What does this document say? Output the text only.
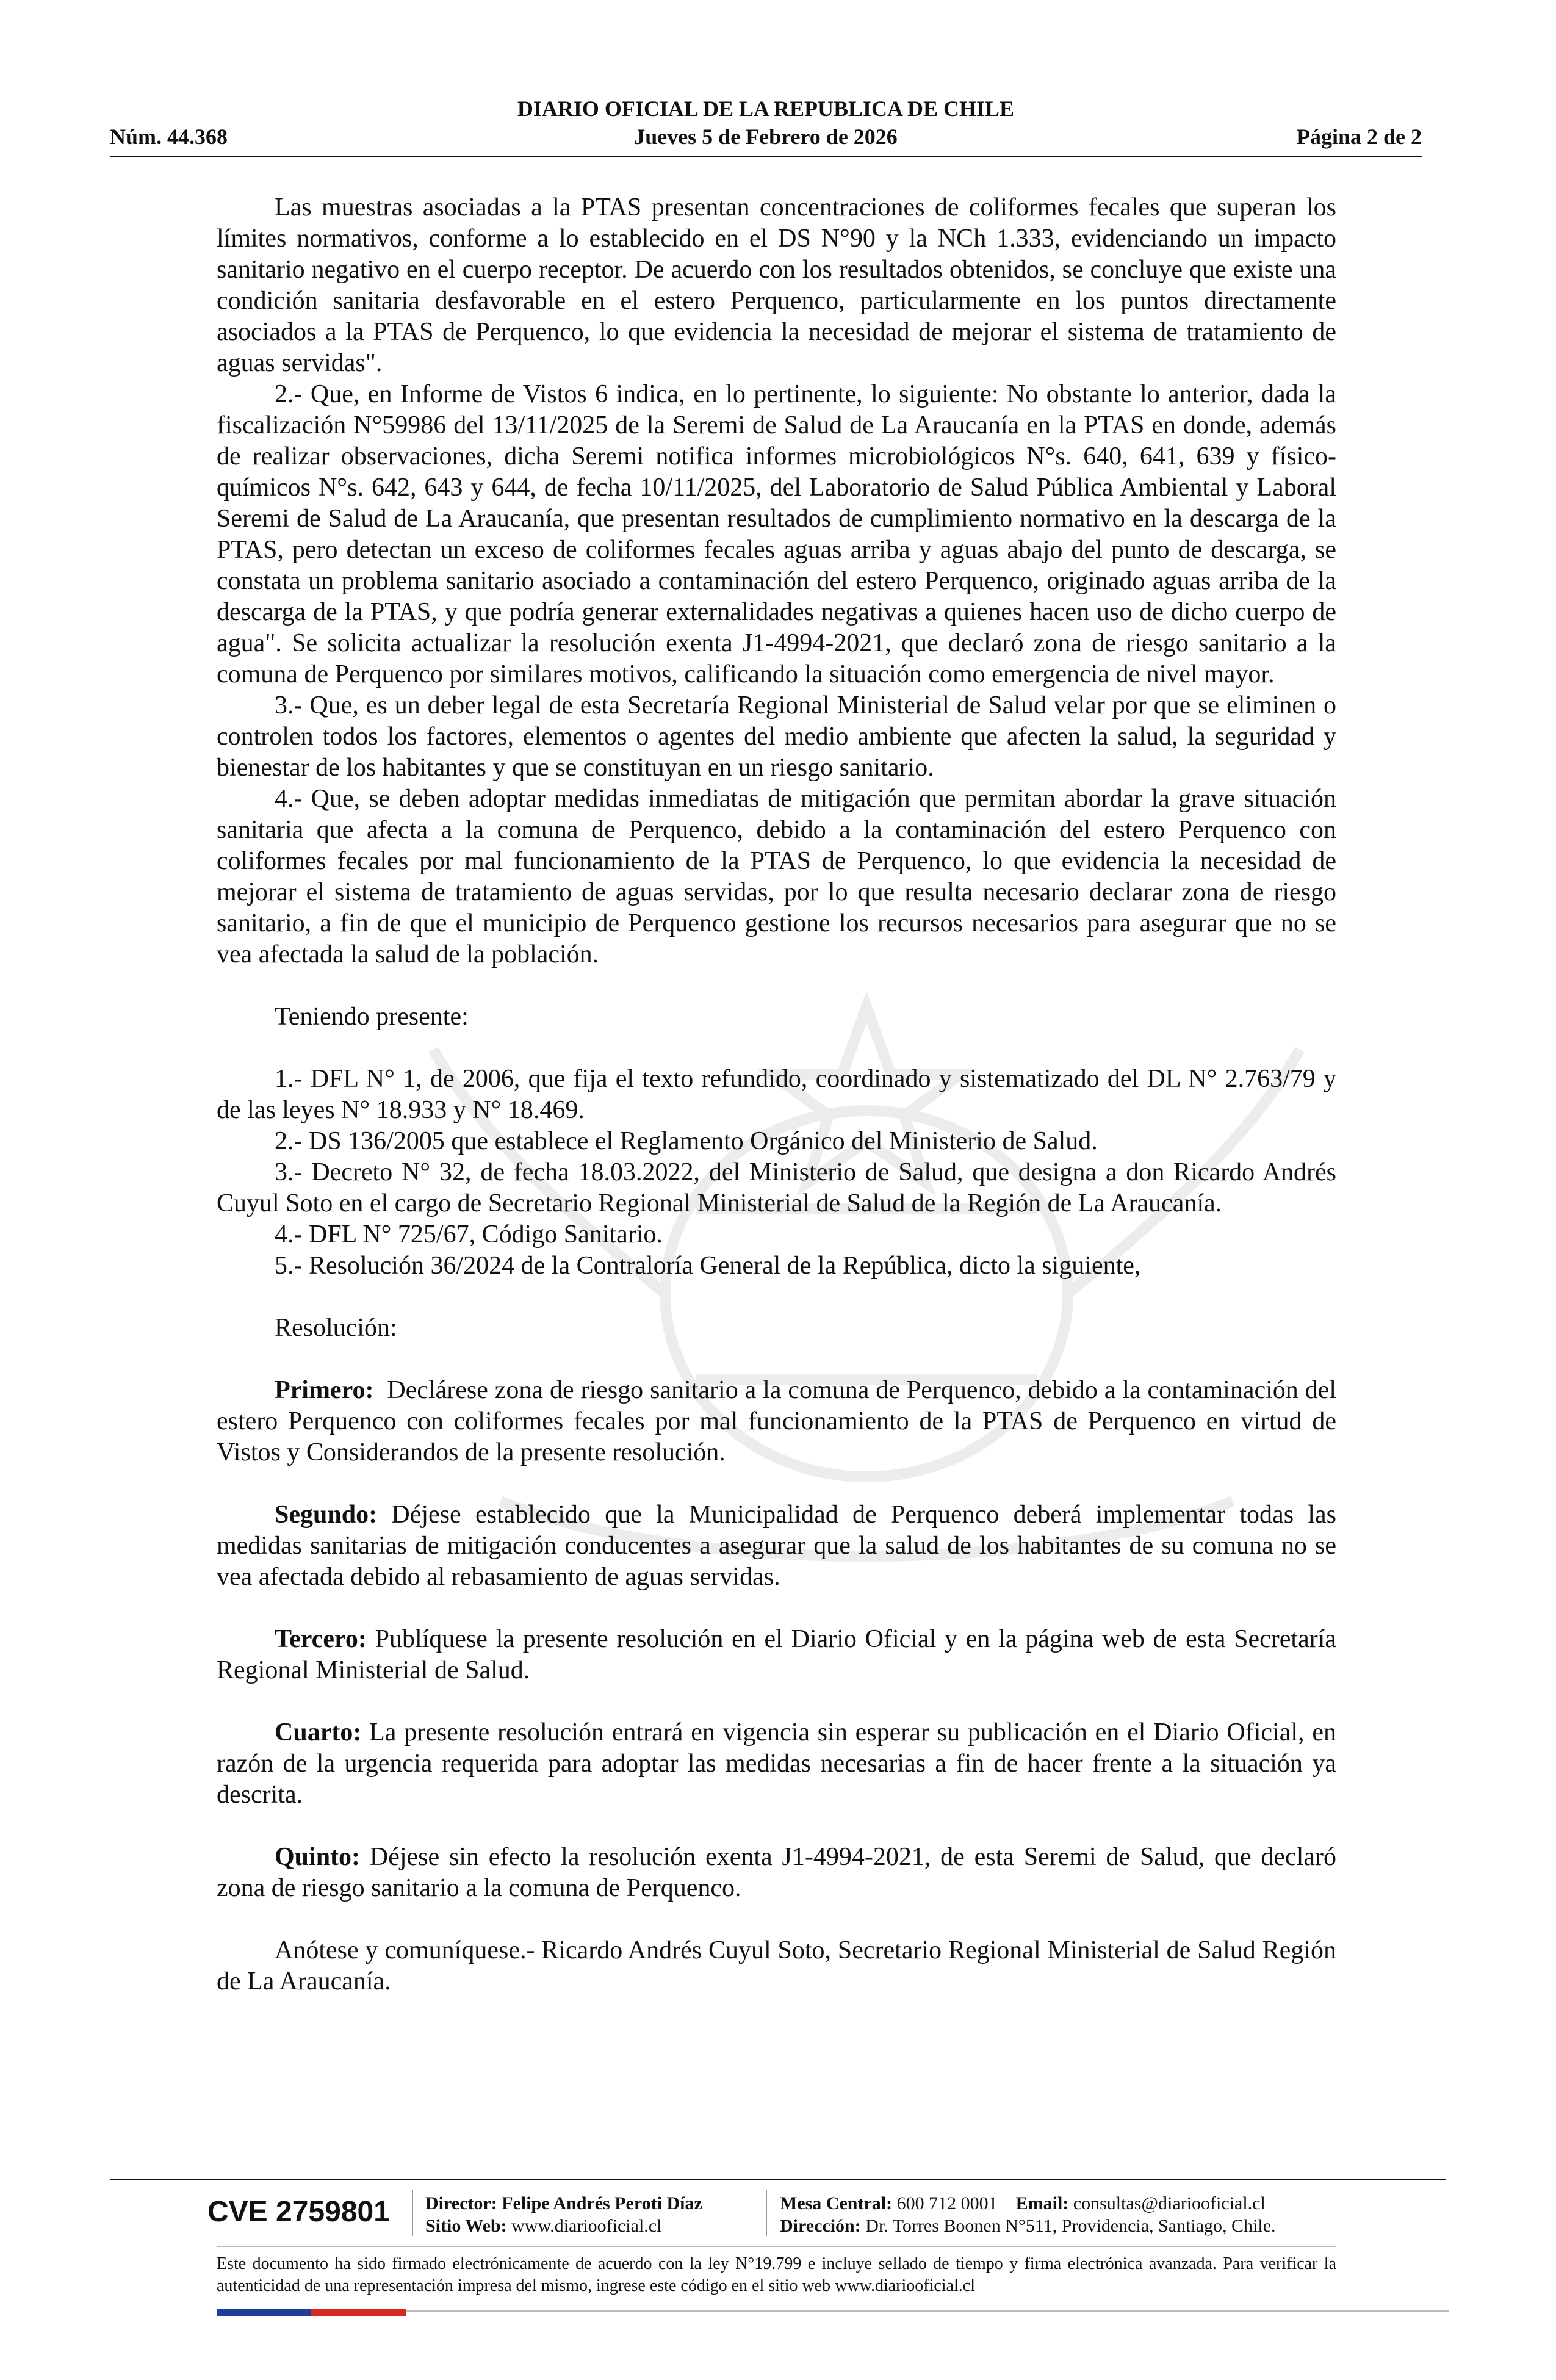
DIARIO OFICIAL DE LA REPUBLICA DE CHILE
Núm. 44.368	Jueves 5 de Febrero de 2026	Página 2 de 2

Las muestras asociadas a la PTAS presentan concentraciones de coliformes fecales que superan los límites normativos, conforme a lo establecido en el DS N°90 y la NCh 1.333, evidenciando un impacto sanitario negativo en el cuerpo receptor. De acuerdo con los resultados obtenidos, se concluye que existe una condición sanitaria desfavorable en el estero Perquenco, particularmente en los puntos directamente asociados a la PTAS de Perquenco, lo que evidencia la necesidad de mejorar el sistema de tratamiento de aguas servidas".

2.- Que, en Informe de Vistos 6 indica, en lo pertinente, lo siguiente: No obstante lo anterior, dada la fiscalización N°59986 del 13/11/2025 de la Seremi de Salud de La Araucanía en la PTAS en donde, además de realizar observaciones, dicha Seremi notifica informes microbiológicos N°s. 640, 641, 639 y físico-químicos N°s. 642, 643 y 644, de fecha 10/11/2025, del Laboratorio de Salud Pública Ambiental y Laboral Seremi de Salud de La Araucanía, que presentan resultados de cumplimiento normativo en la descarga de la PTAS, pero detectan un exceso de coliformes fecales aguas arriba y aguas abajo del punto de descarga, se constata un problema sanitario asociado a contaminación del estero Perquenco, originado aguas arriba de la descarga de la PTAS, y que podría generar externalidades negativas a quienes hacen uso de dicho cuerpo de agua". Se solicita actualizar la resolución exenta J1-4994-2021, que declaró zona de riesgo sanitario a la comuna de Perquenco por similares motivos, calificando la situación como emergencia de nivel mayor.

3.- Que, es un deber legal de esta Secretaría Regional Ministerial de Salud velar por que se eliminen o controlen todos los factores, elementos o agentes del medio ambiente que afecten la salud, la seguridad y bienestar de los habitantes y que se constituyan en un riesgo sanitario.

4.- Que, se deben adoptar medidas inmediatas de mitigación que permitan abordar la grave situación sanitaria que afecta a la comuna de Perquenco, debido a la contaminación del estero Perquenco con coliformes fecales por mal funcionamiento de la PTAS de Perquenco, lo que evidencia la necesidad de mejorar el sistema de tratamiento de aguas servidas, por lo que resulta necesario declarar zona de riesgo sanitario, a fin de que el municipio de Perquenco gestione los recursos necesarios para asegurar que no se vea afectada la salud de la población.

Teniendo presente:

1.- DFL N° 1, de 2006, que fija el texto refundido, coordinado y sistematizado del DL N° 2.763/79 y de las leyes N° 18.933 y N° 18.469.

2.- DS 136/2005 que establece el Reglamento Orgánico del Ministerio de Salud.

3.- Decreto N° 32, de fecha 18.03.2022, del Ministerio de Salud, que designa a don Ricardo Andrés Cuyul Soto en el cargo de Secretario Regional Ministerial de Salud de la Región de La Araucanía.

4.- DFL N° 725/67, Código Sanitario.

5.- Resolución 36/2024 de la Contraloría General de la República, dicto la siguiente,

Resolución:

Primero: Declárese zona de riesgo sanitario a la comuna de Perquenco, debido a la contaminación del estero Perquenco con coliformes fecales por mal funcionamiento de la PTAS de Perquenco en virtud de Vistos y Considerandos de la presente resolución.

Segundo: Déjese establecido que la Municipalidad de Perquenco deberá implementar todas las medidas sanitarias de mitigación conducentes a asegurar que la salud de los habitantes de su comuna no se vea afectada debido al rebasamiento de aguas servidas.

Tercero: Publíquese la presente resolución en el Diario Oficial y en la página web de esta Secretaría Regional Ministerial de Salud.

Cuarto: La presente resolución entrará en vigencia sin esperar su publicación en el Diario Oficial, en razón de la urgencia requerida para adoptar las medidas necesarias a fin de hacer frente a la situación ya descrita.

Quinto: Déjese sin efecto la resolución exenta J1-4994-2021, de esta Seremi de Salud, que declaró zona de riesgo sanitario a la comuna de Perquenco.

Anótese y comuníquese.- Ricardo Andrés Cuyul Soto, Secretario Regional Ministerial de Salud Región de La Araucanía.

CVE 2759801 Director: Felipe Andrés Peroti Díaz
Sitio Web: www.diariooficial.cl
Mesa Central: 600 712 0001 Email: consultas@diariooficial.cl
Dirección: Dr. Torres Boonen N°511, Providencia, Santiago, Chile.
Este documento ha sido firmado electrónicamente de acuerdo con la ley N°19.799 e incluye sellado de tiempo y firma electrónica avanzada. Para verificar la autenticidad de una representación impresa del mismo, ingrese este código en el sitio web www.diariooficial.cl
